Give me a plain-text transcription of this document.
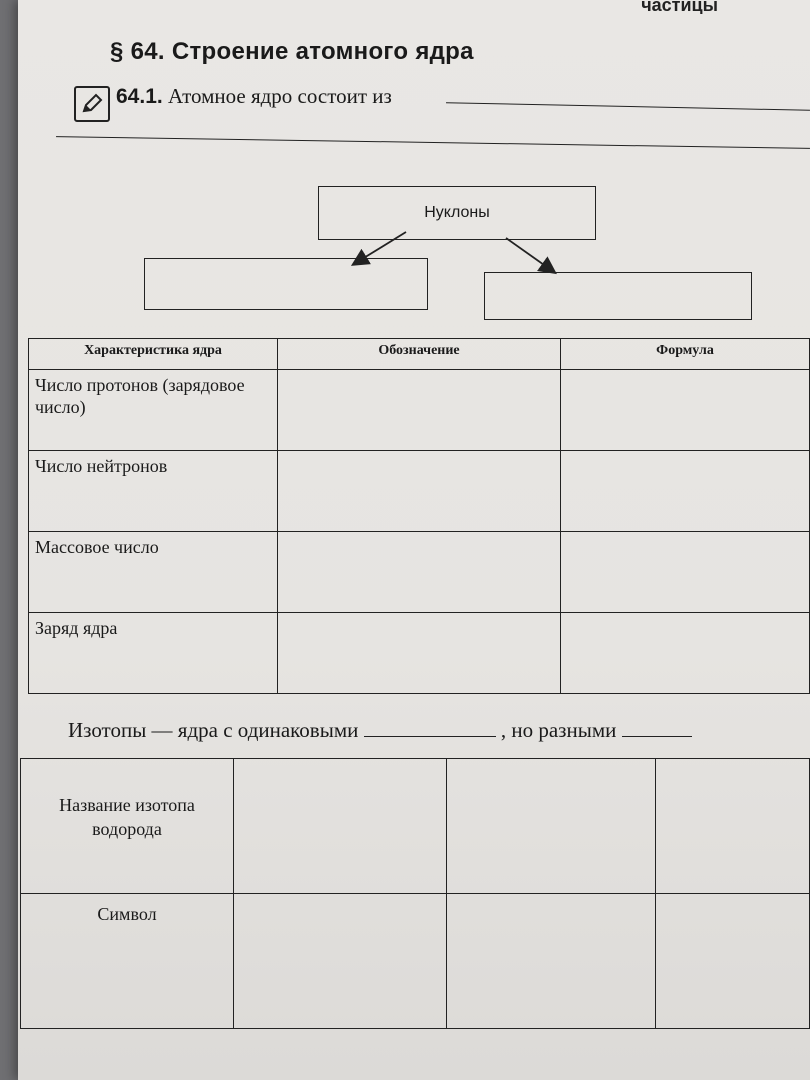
частицы
§ 64. Строение атомного ядра
64.1. Атомное ядро состоит из
Нуклоны
Характеристика ядра	Обозначение	Формула
Число протонов (зарядовое число)		
Число нейтронов		
Массовое число		
Заряд ядра		
Изотопы — ядра с одинаковыми	, но разными
Название изотопа водорода			
Символ			
